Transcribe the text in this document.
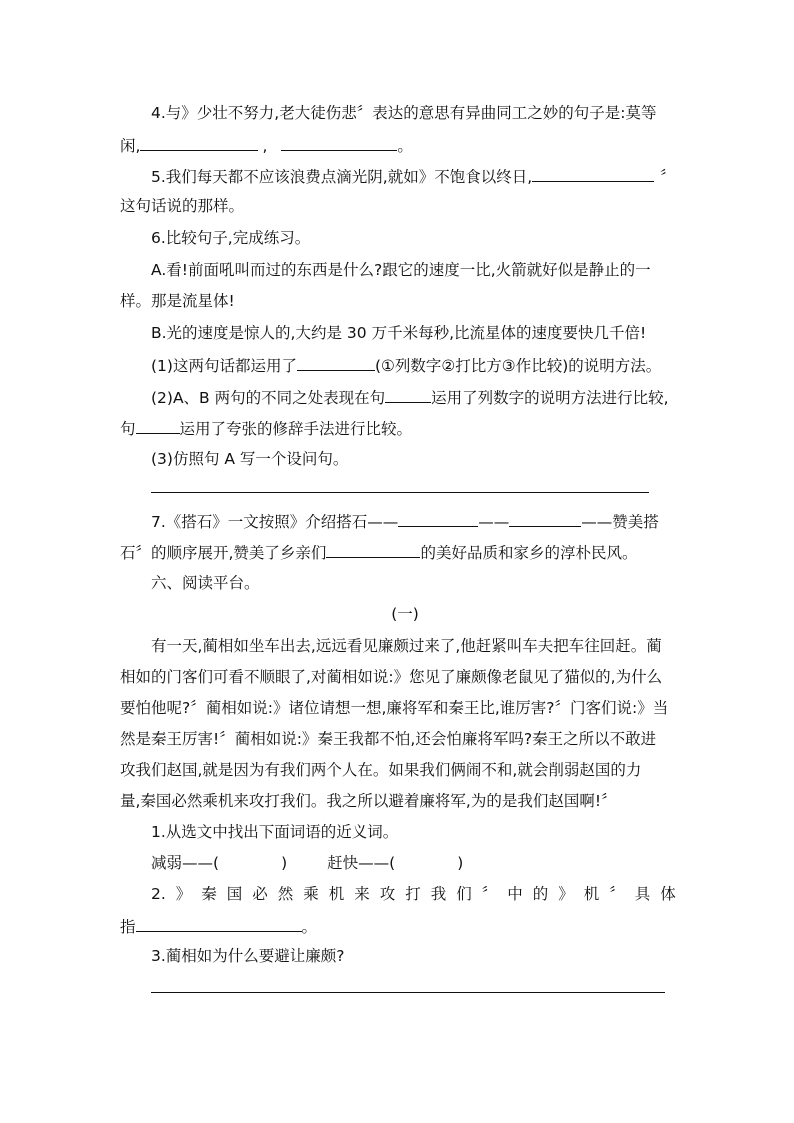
4.与》少壮不努力,老大徒伤悲〞表达的意思有异曲同工之妙的句子是:莫等
闲,	,	。
5.我们每天都不应该浪费点滴光阴,就如》不饱食以终日,	〞
这句话说的那样。
6.比较句子,完成练习。
A.看!前面吼叫而过的东西是什么?跟它的速度一比,火箭就好似是静止的一
样。那是流星体!
B.光的速度是惊人的,大约是 30 万千米每秒,比流星体的速度要快几千倍!
(1)这两句话都运用了	(①列数字②打比方③作比较)的说明方法。
(2)A、B 两句的不同之处表现在句	运用了列数字的说明方法进行比较,
句	运用了夸张的修辞手法进行比较。
(3)仿照句 A 写一个设问句。
7.《搭石》一文按照》介绍搭石——	——	——赞美搭
石〞的顺序展开,赞美了乡亲们	的美好品质和家乡的淳朴民风。
六、阅读平台。
(一)
有一天,蔺相如坐车出去,远远看见廉颇过来了,他赶紧叫车夫把车往回赶。蔺
相如的门客们可看不顺眼了,对蔺相如说:》您见了廉颇像老鼠见了猫似的,为什么
要怕他呢?〞蔺相如说:》诸位请想一想,廉将军和秦王比,谁厉害?〞门客们说:》当
然是秦王厉害!〞蔺相如说:》秦王我都不怕,还会怕廉将军吗?秦王之所以不敢进
攻我们赵国,就是因为有我们两个人在。如果我们俩闹不和,就会削弱赵国的力
量,秦国必然乘机来攻打我们。我之所以避着廉将军,为的是我们赵国啊!〞
1.从选文中找出下面词语的近义词。
减弱——(	)	赶快——(	)
2. 》 秦 国 必 然 乘 机 来 攻 打 我 们 〞 中 的 》 机 〞 具 体
指	。
3.蔺相如为什么要避让廉颇?
